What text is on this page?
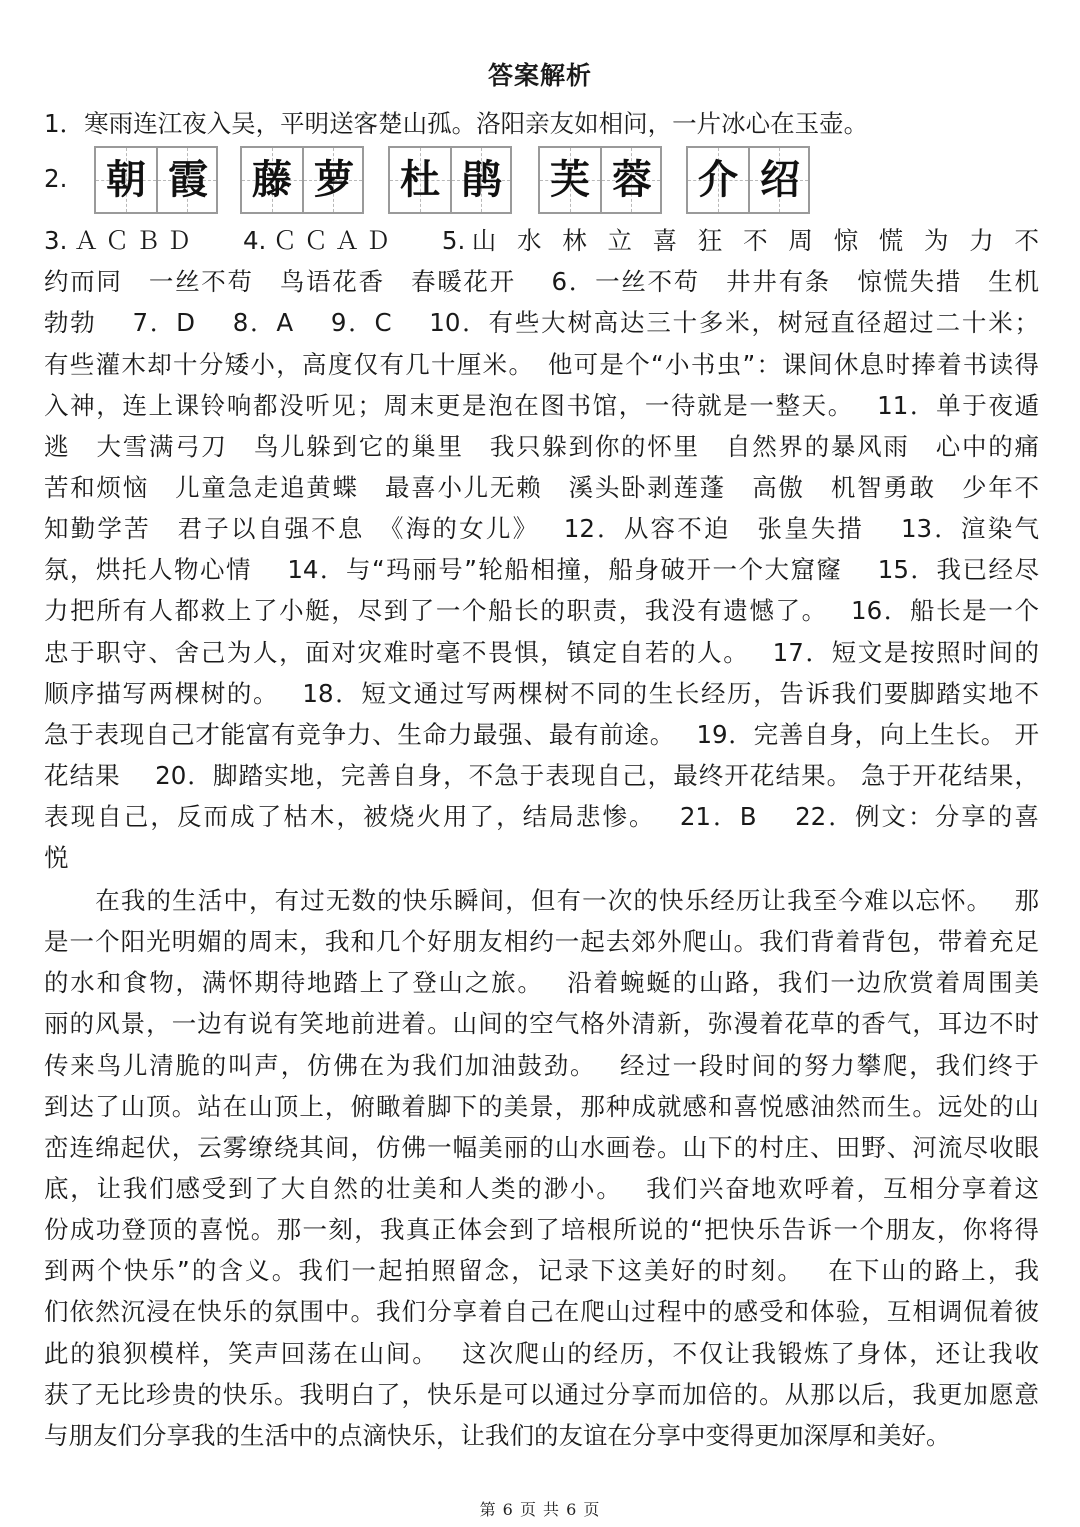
答案解析
1．寒雨连江夜入吴，平明送客楚山孤。洛阳亲友如相问，一片冰心在玉壶。
2. 朝 霞 藤 萝 杜 鹃 芙 蓉 介 绍
3.ＡＣＢＤ　 4.ＣＣＡＤ　 5.山 水 林 立 喜 狂 不 周 惊 慌 为 力 不
约而同　一丝不苟　鸟语花香　春暖花开　 6．一丝不苟　井井有条　惊慌失措　生机
勃勃　 7．D　 8．A　 9．C　 10．有些大树高达三十多米，树冠直径超过二十米；
有些灌木却十分矮小，高度仅有几十厘米。　他可是个“小书虫”：课间休息时捧着书读得
入神，连上课铃响都没听见；周末更是泡在图书馆，一待就是一整天。　 11．单于夜遁
逃　大雪满弓刀　鸟儿躲到它的巢里　我只躲到你的怀里　自然界的暴风雨　心中的痛
苦和烦恼　儿童急走追黄蝶　最喜小儿无赖　溪头卧剥莲蓬　高傲　机智勇敢　少年不
知勤学苦　君子以自强不息　《海的女儿》　 12．从容不迫　张皇失措　 13．渲染气
氛，烘托人物心情　 14．与“玛丽号”轮船相撞，船身破开一个大窟窿　 15．我已经尽
力把所有人都救上了小艇，尽到了一个船长的职责，我没有遗憾了。　 16．船长是一个
忠于职守、舍己为人，面对灾难时毫不畏惧，镇定自若的人。　 17．短文是按照时间的
顺序描写两棵树的。　 18．短文通过写两棵树不同的生长经历，告诉我们要脚踏实地不
急于表现自己才能富有竞争力、生命力最强、最有前途。　 19．完善自身，向上生长。 开
花结果　 20．脚踏实地，完善自身，不急于表现自己，最终开花结果。 急于开花结果，
表现自己，反而成了枯木，被烧火用了，结局悲惨。　 21．B　 22．例文：分享的喜
悦
　　在我的生活中，有过无数的快乐瞬间，但有一次的快乐经历让我至今难以忘怀。　 那
是一个阳光明媚的周末，我和几个好朋友相约一起去郊外爬山。我们背着背包，带着充足
的水和食物，满怀期待地踏上了登山之旅。　 沿着蜿蜒的山路，我们一边欣赏着周围美
丽的风景，一边有说有笑地前进着。山间的空气格外清新，弥漫着花草的香气，耳边不时
传来鸟儿清脆的叫声，仿佛在为我们加油鼓劲。　 经过一段时间的努力攀爬，我们终于
到达了山顶。站在山顶上，俯瞰着脚下的美景，那种成就感和喜悦感油然而生。远处的山
峦连绵起伏，云雾缭绕其间，仿佛一幅美丽的山水画卷。山下的村庄、田野、河流尽收眼
底，让我们感受到了大自然的壮美和人类的渺小。　 我们兴奋地欢呼着，互相分享着这
份成功登顶的喜悦。那一刻，我真正体会到了培根所说的“把快乐告诉一个朋友，你将得
到两个快乐”的含义。我们一起拍照留念，记录下这美好的时刻。　 在下山的路上，我
们依然沉浸在快乐的氛围中。我们分享着自己在爬山过程中的感受和体验，互相调侃着彼
此的狼狈模样，笑声回荡在山间。　 这次爬山的经历，不仅让我锻炼了身体，还让我收
获了无比珍贵的快乐。我明白了，快乐是可以通过分享而加倍的。从那以后，我更加愿意
与朋友们分享我的生活中的点滴快乐，让我们的友谊在分享中变得更加深厚和美好。
第 6 页 共 6 页
